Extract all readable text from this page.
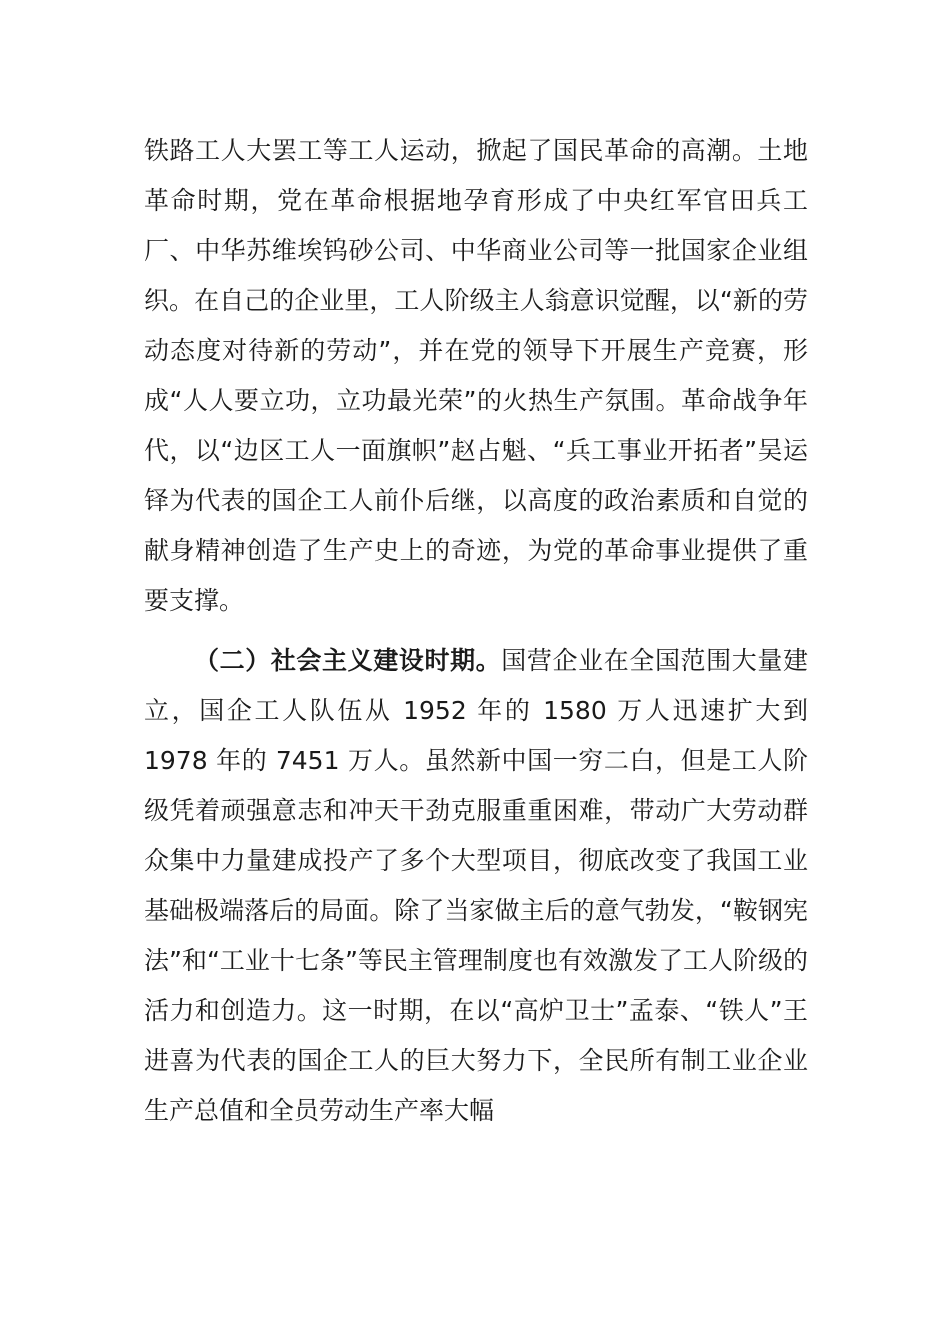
铁路工人大罢工等工人运动，掀起了国民革命的高潮。土地革命时期，党在革命根据地孕育形成了中央红军官田兵工厂、中华苏维埃钨砂公司、中华商业公司等一批国家企业组织。在自己的企业里，工人阶级主人翁意识觉醒，以“新的劳动态度对待新的劳动”，并在党的领导下开展生产竞赛，形成“人人要立功，立功最光荣”的火热生产氛围。革命战争年代，以“边区工人一面旗帜”赵占魁、“兵工事业开拓者”吴运铎为代表的国企工人前仆后继，以高度的政治素质和自觉的献身精神创造了生产史上的奇迹，为党的革命事业提供了重要支撑。

（二）社会主义建设时期。国营企业在全国范围大量建立，国企工人队伍从 1952 年的 1580 万人迅速扩大到 1978 年的 7451 万人。虽然新中国一穷二白，但是工人阶级凭着顽强意志和冲天干劲克服重重困难，带动广大劳动群众集中力量建成投产了多个大型项目，彻底改变了我国工业基础极端落后的局面。除了当家做主后的意气勃发，“鞍钢宪法”和“工业十七条”等民主管理制度也有效激发了工人阶级的活力和创造力。这一时期，在以“高炉卫士”孟泰、“铁人”王进喜为代表的国企工人的巨大努力下，全民所有制工业企业生产总值和全员劳动生产率大幅
